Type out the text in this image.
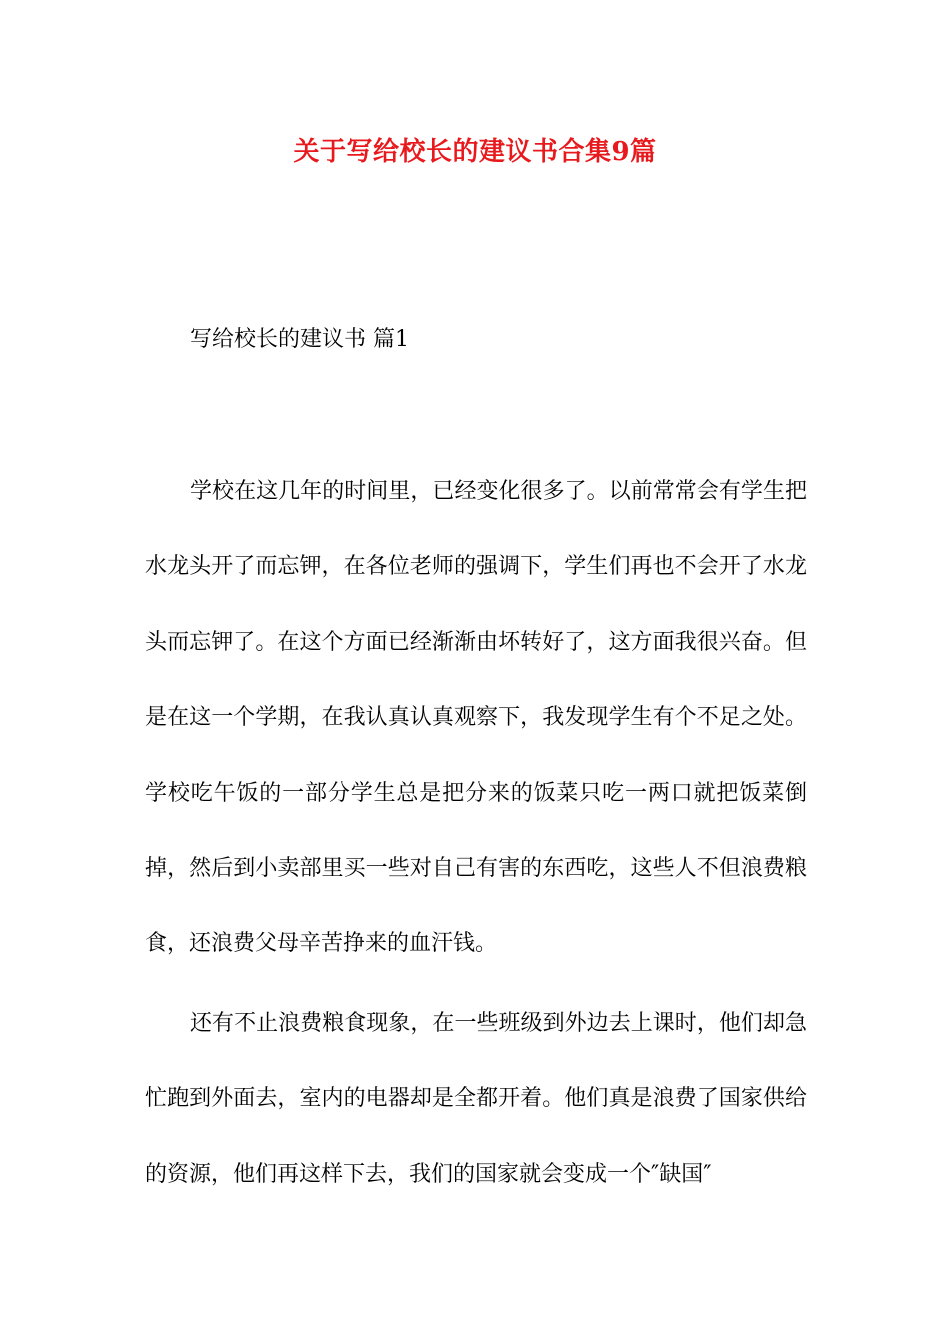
关于写给校长的建议书合集9篇

写给校长的建议书 篇1

学校在这几年的时间里，已经变化很多了。以前常常会有学生把水龙头开了而忘钾，在各位老师的强调下，学生们再也不会开了水龙头而忘钾了。在这个方面已经渐渐由坏转好了，这方面我很兴奋。但是在这一个学期，在我认真认真观察下，我发现学生有个不足之处。学校吃午饭的一部分学生总是把分来的饭菜只吃一两口就把饭菜倒掉，然后到小卖部里买一些对自己有害的东西吃，这些人不但浪费粮食，还浪费父母辛苦挣来的血汗钱。

还有不止浪费粮食现象，在一些班级到外边去上课时，他们却急忙跑到外面去，室内的电器却是全都开着。他们真是浪费了国家供给的资源，他们再这样下去，我们的国家就会变成一个″缺国″
